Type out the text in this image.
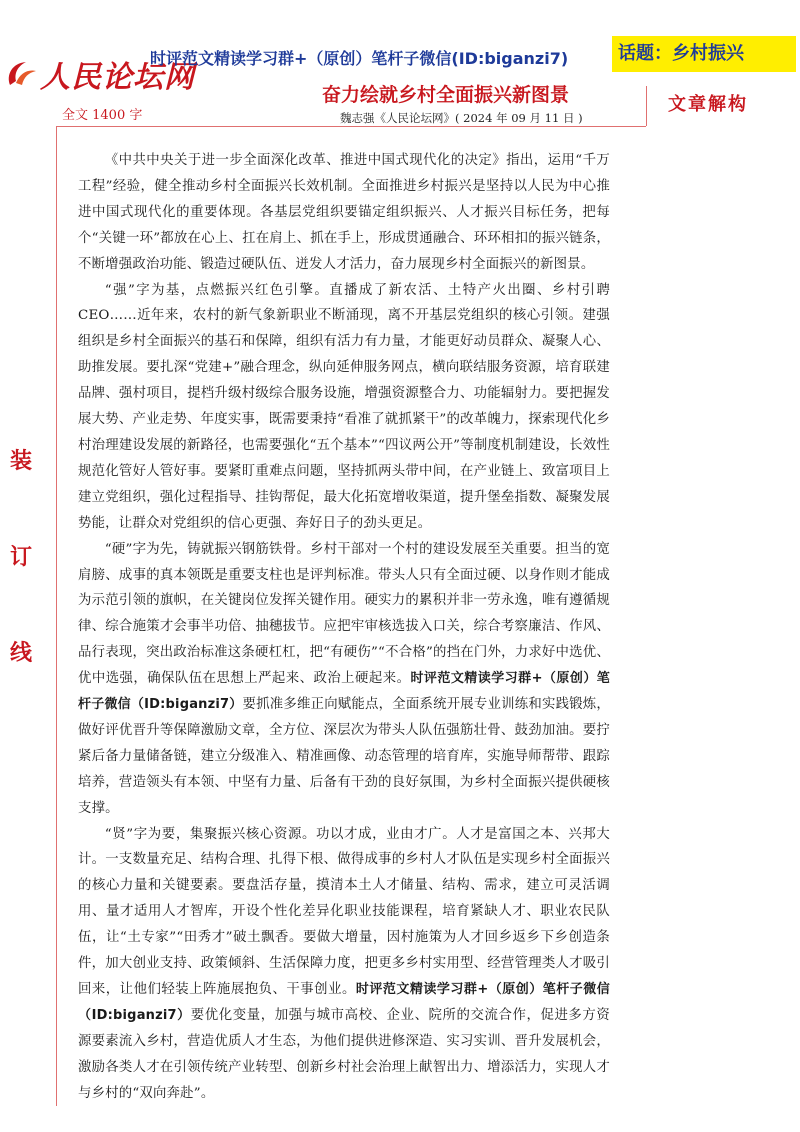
人民论坛网
时评范文精读学习群+（原创）笔杆子微信(ID:biganzi7)	话题：乡村振兴
奋力绘就乡村全面振兴新图景
魏志强《人民论坛网》( 2024 年 09 月 11 日 )
全文 1400 字
文章解构
装
订
线

《中共中央关于进一步全面深化改革、推进中国式现代化的决定》指出，运用“千万工程”经验，健全推动乡村全面振兴长效机制。全面推进乡村振兴是坚持以人民为中心推进中国式现代化的重要体现。各基层党组织要锚定组织振兴、人才振兴目标任务，把每个“关键一环”都放在心上、扛在肩上、抓在手上，形成贯通融合、环环相扣的振兴链条，不断增强政治功能、锻造过硬队伍、迸发人才活力，奋力展现乡村全面振兴的新图景。

“强”字为基，点燃振兴红色引擎。直播成了新农活、土特产火出圈、乡村引聘 CEO……近年来，农村的新气象新职业不断涌现，离不开基层党组织的核心引领。建强组织是乡村全面振兴的基石和保障，组织有活力有力量，才能更好动员群众、凝聚人心、助推发展。要扎深“党建+”融合理念，纵向延伸服务网点，横向联结服务资源，培育联建品牌、强村项目，提档升级村级综合服务设施，增强资源整合力、功能辐射力。要把握发展大势、产业走势、年度实事，既需要秉持“看准了就抓紧干”的改革魄力，探索现代化乡村治理建设发展的新路径，也需要强化“五个基本”“四议两公开”等制度机制建设，长效性规范化管好人管好事。要紧盯重难点问题，坚持抓两头带中间，在产业链上、致富项目上建立党组织，强化过程指导、挂钩帮促，最大化拓宽增收渠道，提升堡垒指数、凝聚发展势能，让群众对党组织的信心更强、奔好日子的劲头更足。

“硬”字为先，铸就振兴钢筋铁骨。乡村干部对一个村的建设发展至关重要。担当的宽肩膀、成事的真本领既是重要支柱也是评判标准。带头人只有全面过硬、以身作则才能成为示范引领的旗帜，在关键岗位发挥关键作用。硬实力的累积并非一劳永逸，唯有遵循规律、综合施策才会事半功倍、抽穗拔节。应把牢审核选拔入口关，综合考察廉洁、作风、品行表现，突出政治标准这条硬杠杠，把“有硬伤”“不合格”的挡在门外，力求好中选优、优中选强，确保队伍在思想上严起来、政治上硬起来。时评范文精读学习群+（原创）笔杆子微信（ID:biganzi7）要抓准多维正向赋能点，全面系统开展专业训练和实践锻炼，做好评优晋升等保障激励文章，全方位、深层次为带头人队伍强筋壮骨、鼓劲加油。要拧紧后备力量储备链，建立分级准入、精准画像、动态管理的培育库，实施导师帮带、跟踪培养，营造领头有本领、中坚有力量、后备有干劲的良好氛围，为乡村全面振兴提供硬核支撑。

“贤”字为要，集聚振兴核心资源。功以才成，业由才广。人才是富国之本、兴邦大计。一支数量充足、结构合理、扎得下根、做得成事的乡村人才队伍是实现乡村全面振兴的核心力量和关键要素。要盘活存量，摸清本土人才储量、结构、需求，建立可灵活调用、量才适用人才智库，开设个性化差异化职业技能课程，培育紧缺人才、职业农民队伍，让“土专家”“田秀才”破土飘香。要做大增量，因村施策为人才回乡返乡下乡创造条件，加大创业支持、政策倾斜、生活保障力度，把更多乡村实用型、经营管理类人才吸引回来，让他们轻装上阵施展抱负、干事创业。时评范文精读学习群+（原创）笔杆子微信（ID:biganzi7）要优化变量，加强与城市高校、企业、院所的交流合作，促进多方资源要素流入乡村，营造优质人才生态，为他们提供进修深造、实习实训、晋升发展机会，激励各类人才在引领传统产业转型、创新乡村社会治理上献智出力、增添活力，实现人才与乡村的“双向奔赴”。
